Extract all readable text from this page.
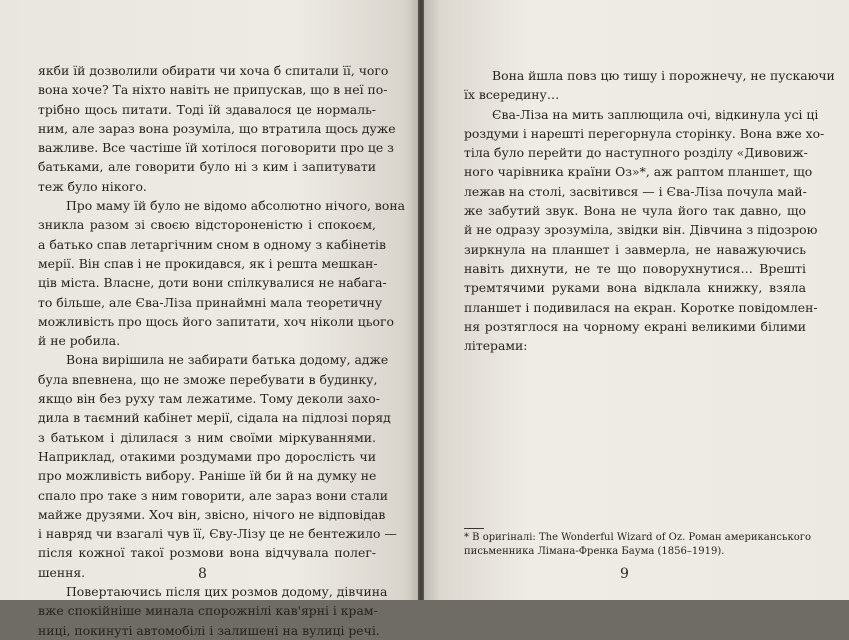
якби їй дозволили обирати чи хоча б спитали її, чого
вона хоче? Та ніхто навіть не припускав, що в неї по-
трібно щось питати. Тоді їй здавалося це нормаль-
ним, але зараз вона розуміла, що втратила щось дуже
важливе. Все частіше їй хотілося поговорити про це з
батьками, але говорити було ні з ким і запитувати
теж було нікого.
Про маму їй було не відомо абсолютно нічого, вона
зникла разом зі своєю відстороненістю і спокоєм,
а батько спав летаргічним сном в одному з кабінетів
мерії. Він спав і не прокидався, як і решта мешкан-
ців міста. Власне, доти вони спілкувалися не набага-
то більше, але Єва-Ліза принаймні мала теоретичну
можливість про щось його запитати, хоч ніколи цього
й не робила.
Вона вирішила не забирати батька додому, адже
була впевнена, що не зможе перебувати в будинку,
якщо він без руху там лежатиме. Тому деколи захо-
дила в таємний кабінет мерії, сідала на підлозі поряд
з батьком і ділилася з ним своїми міркуваннями.
Наприклад, отакими роздумами про дорослість чи
про можливість вибору. Раніше їй би й на думку не
спало про таке з ним говорити, але зараз вони стали
майже друзями. Хоч він, звісно, нічого не відповідав
і навряд чи взагалі чув її, Єву-Лізу це не бентежило —
після кожної такої розмови вона відчувала полег-
шення.
Повертаючись після цих розмов додому, дівчина
вже спокійніше минала спорожнілі кав'ярні і крам-
ниці, покинуті автомобілі і залишені на вулиці речі.
8
Вона йшла повз цю тишу і порожнечу, не пускаючи
їх всередину…
Єва-Ліза на мить заплющила очі, відкинула усі ці
роздуми і нарешті перегорнула сторінку. Вона вже хо-
тіла було перейти до наступного розділу «Дивовиж-
ного чарівника країни Оз»*, аж раптом планшет, що
лежав на столі, засвітився — і Єва-Ліза почула май-
же забутий звук. Вона не чула його так давно, що
й не одразу зрозуміла, звідки він. Дівчина з підозрою
зиркнула на планшет і завмерла, не наважуючись
навіть дихнути, не те що поворухнутися… Врешті
тремтячими руками вона відклала книжку, взяла
планшет і подивилася на екран. Коротке повідомлен-
ня розтяглося на чорному екрані великими білими
літерами:
* В оригіналі: The Wonderful Wizard of Oz. Роман американського
письменника Лімана-Френка Баума (1856–1919).
9
